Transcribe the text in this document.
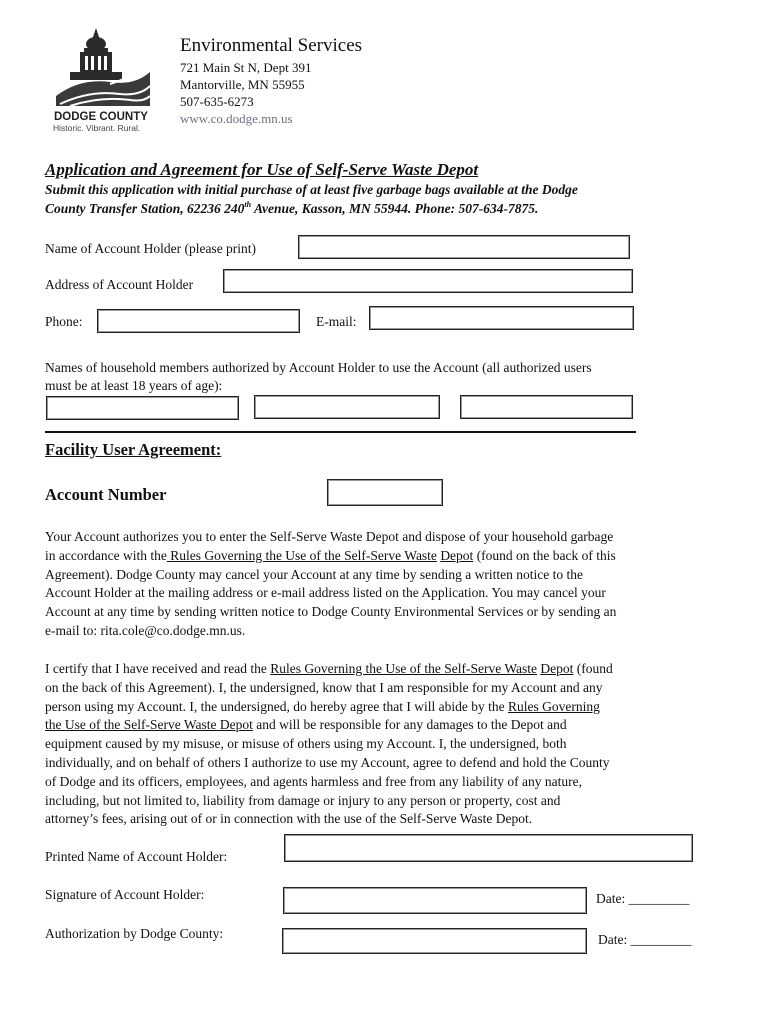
DODGE COUNTY
Historic. Vibrant. Rural.
Environmental Services
721 Main St N, Dept 391
Mantorville, MN 55955
507-635-6273
www.co.dodge.mn.us
Application and Agreement for Use of Self-Serve Waste Depot
Submit this application with initial purchase of at least five garbage bags available at the Dodge
County Transfer Station, 62236 240th Avenue, Kasson, MN 55944. Phone: 507-634-7875.
Name of Account Holder (please print)
Address of Account Holder
Phone:	E-mail:
Names of household members authorized by Account Holder to use the Account (all authorized users
must be at least 18 years of age):
Facility User Agreement:
Account Number
Your Account authorizes you to enter the Self-Serve Waste Depot and dispose of your household garbage
in accordance with the Rules Governing the Use of the Self-Serve Waste Depot (found on the back of this
Agreement). Dodge County may cancel your Account at any time by sending a written notice to the
Account Holder at the mailing address or e-mail address listed on the Application. You may cancel your
Account at any time by sending written notice to Dodge County Environmental Services or by sending an
e-mail to: rita.cole@co.dodge.mn.us.
I certify that I have received and read the Rules Governing the Use of the Self-Serve Waste Depot (found
on the back of this Agreement). I, the undersigned, know that I am responsible for my Account and any
person using my Account. I, the undersigned, do hereby agree that I will abide by the Rules Governing
the Use of the Self-Serve Waste Depot and will be responsible for any damages to the Depot and
equipment caused by my misuse, or misuse of others using my Account. I, the undersigned, both
individually, and on behalf of others I authorize to use my Account, agree to defend and hold the County
of Dodge and its officers, employees, and agents harmless and free from any liability of any nature,
including, but not limited to, liability from damage or injury to any person or property, cost and
attorney’s fees, arising out of or in connection with the use of the Self-Serve Waste Depot.
Printed Name of Account Holder:
Signature of Account Holder:	Date: _________
Authorization by Dodge County:	Date: _________
